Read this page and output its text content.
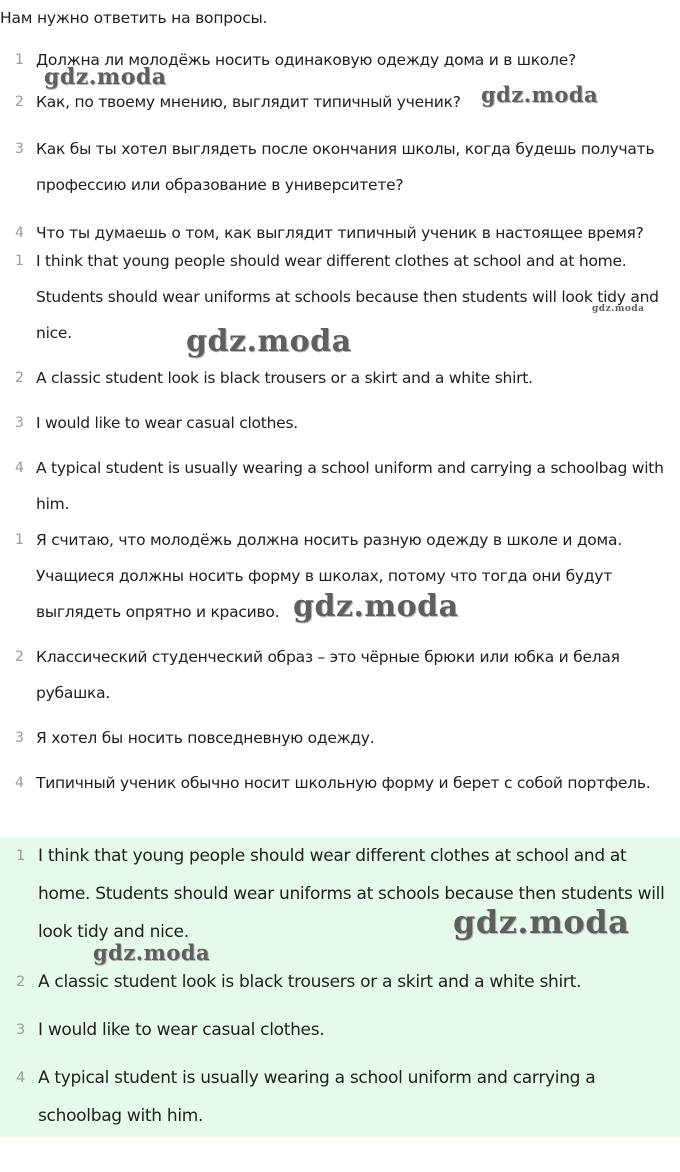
Нам нужно ответить на вопросы.
1 Должна ли молодёжь носить одинаковую одежду дома и в школе?
2 Как, по твоему мнению, выглядит типичный ученик?
3 Как бы ты хотел выглядеть после окончания школы, когда будешь получать профессию или образование в университете?
4 Что ты думаешь о том, как выглядит типичный ученик в настоящее время?
1 I think that young people should wear different clothes at school and at home. Students should wear uniforms at schools because then students will look tidy and nice.
2 A classic student look is black trousers or a skirt and a white shirt.
3 I would like to wear casual clothes.
4 A typical student is usually wearing a school uniform and carrying a schoolbag with him.
1 Я считаю, что молодёжь должна носить разную одежду в школе и дома. Учащиеся должны носить форму в школах, потому что тогда они будут выглядеть опрятно и красиво.
2 Классический студенческий образ – это чёрные брюки или юбка и белая рубашка.
3 Я хотел бы носить повседневную одежду.
4 Типичный ученик обычно носит школьную форму и берет с собой портфель.
1 I think that young people should wear different clothes at school and at home. Students should wear uniforms at schools because then students will look tidy and nice.
2 A classic student look is black trousers or a skirt and a white shirt.
3 I would like to wear casual clothes.
4 A typical student is usually wearing a school uniform and carrying a schoolbag with him.
gdz.moda
gdz.moda
gdz.moda
gdz.moda
gdz.moda
gdz.moda
gdz.moda
